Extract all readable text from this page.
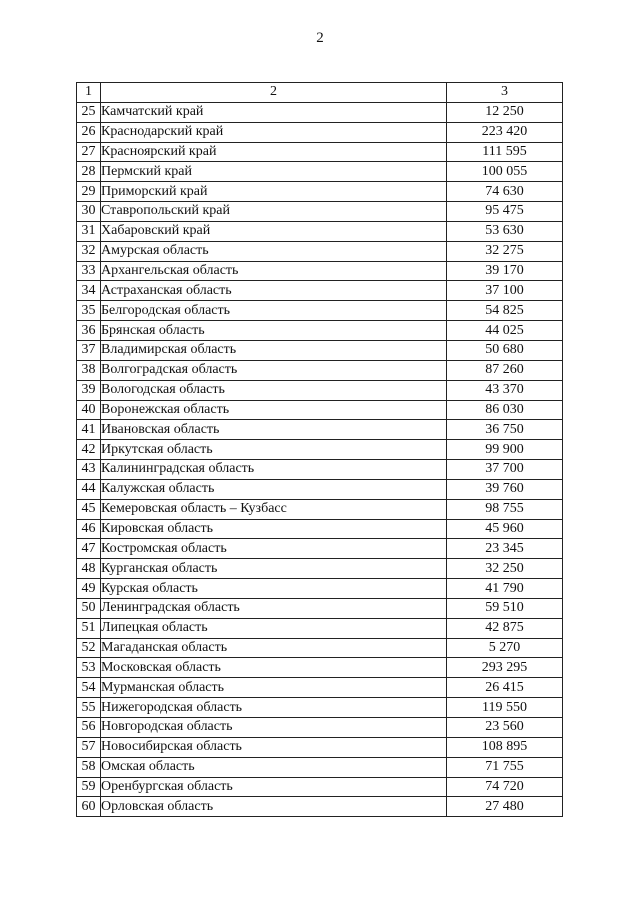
2
1	2	3
25	Камчатский край	12 250
26	Краснодарский край	223 420
27	Красноярский край	111 595
28	Пермский край	100 055
29	Приморский край	74 630
30	Ставропольский край	95 475
31	Хабаровский край	53 630
32	Амурская область	32 275
33	Архангельская область	39 170
34	Астраханская область	37 100
35	Белгородская область	54 825
36	Брянская область	44 025
37	Владимирская область	50 680
38	Волгоградская область	87 260
39	Вологодская область	43 370
40	Воронежская область	86 030
41	Ивановская область	36 750
42	Иркутская область	99 900
43	Калининградская область	37 700
44	Калужская область	39 760
45	Кемеровская область – Кузбасс	98 755
46	Кировская область	45 960
47	Костромская область	23 345
48	Курганская область	32 250
49	Курская область	41 790
50	Ленинградская область	59 510
51	Липецкая область	42 875
52	Магаданская область	5 270
53	Московская область	293 295
54	Мурманская область	26 415
55	Нижегородская область	119 550
56	Новгородская область	23 560
57	Новосибирская область	108 895
58	Омская область	71 755
59	Оренбургская область	74 720
60	Орловская область	27 480
